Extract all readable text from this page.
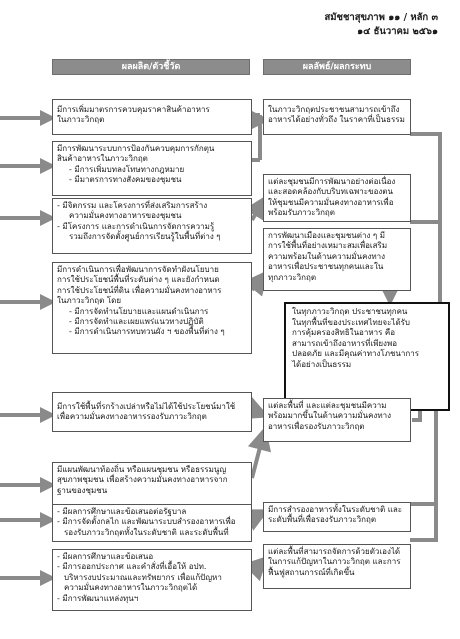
สมัชชาสุขภาพ ๑๑ / หลัก ๓
๑๔ ธันวาคม ๒๕๖๑
ผลผลิต/ตัวชี้วัด	ผลลัพธ์/ผลกระทบ

มีการเพิ่มมาตรการควบคุมราคาสินค้าอาหาร

ในภาวะวิกฤต

มีการพัฒนาระบบการป้องกันควบคุมการกักตุน

สินค้าอาหารในภาวะวิกฤต

- มีการเพิ่มบทลงโทษทางกฎหมาย

- มีมาตรการทางสังคมของชุมชน

- มีจิตกรรม และโครงการที่ส่งเสริมการสร้าง

ความมั่นคงทางอาหารของชุมชน

- มีโครงการ และการดำเนินการจัดการความรู้

รวมถึงการจัดตั้งศูนย์การเรียนรู้ในพื้นที่ต่าง ๆ

มีการดำเนินการเพื่อพัฒนาการจัดทำผังนโยบาย

การใช้ประโยชน์พื้นที่ระดับต่าง ๆ และยังกำหนด

การใช้ประโยชน์ที่ดิน เพื่อความมั่นคงทางอาหาร

ในภาวะวิกฤต โดย

- มีการจัดทำนโยบายและแผนดำเนินการ

- มีการจัดทำและเผยแพร่แนวทางปฏิบัติ

- มีการดำเนินการทบทวนผัง ฯ ของพื้นที่ต่าง ๆ

มีการใช้พื้นที่รกร้างเปล่าหรือไม่ได้ใช้ประโยชน์มาใช้

เพื่อความมั่นคงทางอาหารรองรับภาวะวิกฤต

มีแผนพัฒนาท้องถิ่น หรือแผนชุมชน หรือธรรมนูญ

สุขภาพชุมชน เพื่อสร้างความมั่นคงทางอาหารจาก

ฐานของชุมชน

- มีผลการศึกษาและข้อเสนอต่อรัฐบาล

- มีการจัดตั้งกลไก และพัฒนาระบบสำรองอาหารเพื่อ

รองรับภาวะวิกฤตทั้งในระดับชาติ และระดับพื้นที่

- มีผลการศึกษาและข้อเสนอ

- มีการออกประกาศ และคำสั่งที่เอื้อให้ อปท.

บริหารงบประมาณและทรัพยากร เพื่อแก้ปัญหา

ความมั่นคงทางอาหารในภาวะวิกฤตได้

- มีการพัฒนาแหล่งทุนฯ

ในภาวะวิกฤตประชาชนสามารถเข้าถึง

อาหารได้อย่างทั่วถึง ในราคาที่เป็นธรรม

แต่ละชุมชนมีการพัฒนาอย่างต่อเนื่อง

และสอดคล้องกับบริบทเฉพาะของตน

ให้ชุมชนมีความมั่นคงทางอาหารเพื่อ

พร้อมรับภาวะวิกฤต

การพัฒนาเมืองและชุมชนต่าง ๆ มี

การใช้พื้นที่อย่างเหมาะสมเพื่อเสริม

ความพร้อมในด้านความมั่นคงทาง

อาหารเพื่อประชาชนทุกคนและใน

ทุกภาวะวิกฤต

ในทุกภาวะวิกฤต ประชาชนทุกคน

ในทุกพื้นที่ของประเทศไทยจะได้รับ

การคุ้มครองสิทธิในอาหาร คือ

สามารถเข้าถึงอาหารที่เพียงพอ

ปลอดภัย และมีคุณค่าทางโภชนาการ

ได้อย่างเป็นธรรม

แต่ละพื้นที่ และแต่ละชุมชนมีความ

พร้อมมากขึ้นในด้านความมั่นคงทาง

อาหารเพื่อรองรับภาวะวิกฤต

มีการสำรองอาหารทั้งในระดับชาติ และ

ระดับพื้นที่เพื่อรองรับภาวะวิกฤต

แต่ละพื้นที่สามารถจัดการด้วยตัวเองได้

ในการแก้ปัญหาในภาวะวิกฤต และการ

ฟื้นฟูสถานการณ์ที่เกิดขึ้น
